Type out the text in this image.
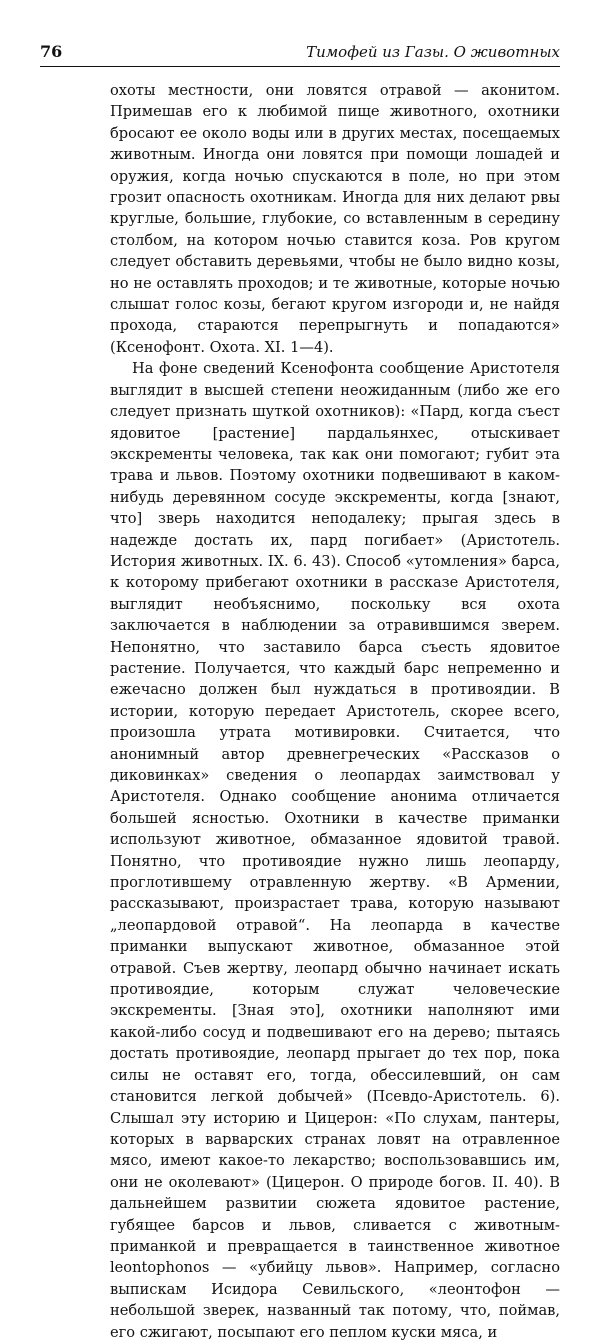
76	Тимофей из Газы. О животных

охоты местности, они ловятся отравой — аконитом. Примешав его к любимой пище животного, охотники бросают ее около воды или в других местах, посещаемых животным. Иногда они ловятся при помощи лошадей и оружия, когда ночью спускаются в поле, но при этом грозит опасность охотникам. Иногда для них делают рвы круглые, большие, глубокие, со вставленным в середину столбом, на котором ночью ставится коза. Ров кругом следует обставить деревьями, чтобы не было видно козы, но не оставлять проходов; и те животные, которые ночью слышат голос козы, бегают кругом изгороди и, не найдя прохода, стараются перепрыгнуть и попадаются» (Ксенофонт. Охота. XI. 1—4).

На фоне сведений Ксенофонта сообщение Аристотеля выглядит в высшей степени неожиданным (либо же его следует признать шуткой охотников): «Пард, когда съест ядовитое [растение] пардальянхес, отыскивает экскременты человека, так как они помогают; губит эта трава и львов. Поэтому охотники подвешивают в каком-нибудь деревянном сосуде экскременты, когда [знают, что] зверь находится неподалеку; прыгая здесь в надежде достать их, пард погибает» (Аристотель. История животных. IX. 6. 43). Способ «утомления» барса, к которому прибегают охотники в рассказе Аристотеля, выглядит необъяснимо, поскольку вся охота заключается в наблюдении за отравившимся зверем. Непонятно, что заставило барса съесть ядовитое растение. Получается, что каждый барс непременно и ежечасно должен был нуждаться в противоядии. В истории, которую передает Аристотель, скорее всего, произошла утрата мотивировки. Считается, что анонимный автор древнегреческих «Рассказов о диковинках» сведения о леопардах заимствовал у Аристотеля. Однако сообщение анонима отличается большей ясностью. Охотники в качестве приманки используют животное, обмазанное ядовитой травой. Понятно, что противоядие нужно лишь леопарду, проглотившему отравленную жертву. «В Армении, рассказывают, произрастает трава, которую называют „леопардовой отравой“. На леопарда в качестве приманки выпускают животное, обмазанное этой отравой. Съев жертву, леопард обычно начинает искать противоядие, которым служат человеческие экскременты. [Зная это], охотники наполняют ими какой-либо сосуд и подвешивают его на дерево; пытаясь достать противоядие, леопард прыгает до тех пор, пока силы не оставят его, тогда, обессилевший, он сам становится легкой добычей» (Псевдо-Аристотель. 6). Слышал эту историю и Цицерон: «По слухам, пантеры, которых в варварских странах ловят на отравленное мясо, имеют какое-то лекарство; воспользовавшись им, они не околевают» (Цицерон. О природе богов. II. 40). В дальнейшем развитии сюжета ядовитое растение, губящее барсов и львов, сливается с животным-приманкой и превращается в таинственное животное leontophonos — «убийцу львов». Например, согласно выпискам Исидора Севильского, «леонтофон — небольшой зверек, названный так потому, что, поймав, его сжигают, посыпают его пеплом куски мяса, и
